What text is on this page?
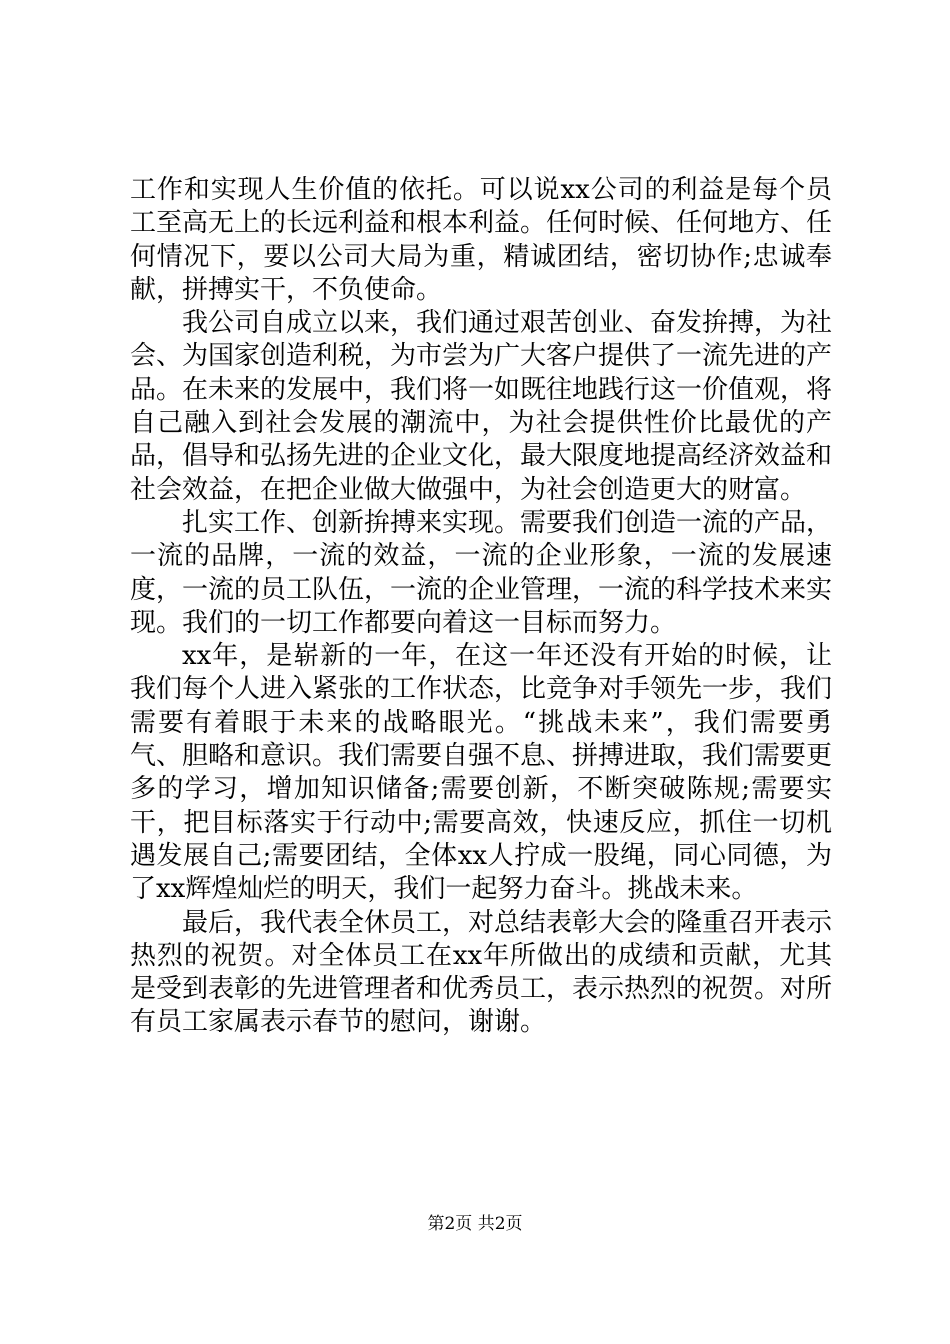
工作和实现人生价值的依托。可以说xx公司的利益是每个员工至高无上的长远利益和根本利益。任何时候、任何地方、任何情况下，要以公司大局为重，精诚团结，密切协作;忠诚奉献，拼搏实干，不负使命。

我公司自成立以来，我们通过艰苦创业、奋发拚搏，为社会、为国家创造利税，为市尝为广大客户提供了一流先进的产品。在未来的发展中，我们将一如既往地践行这一价值观，将自己融入到社会发展的潮流中，为社会提供性价比最优的产品，倡导和弘扬先进的企业文化，最大限度地提高经济效益和社会效益，在把企业做大做强中，为社会创造更大的财富。

扎实工作、创新拚搏来实现。需要我们创造一流的产品，一流的品牌，一流的效益，一流的企业形象，一流的发展速度，一流的员工队伍，一流的企业管理，一流的科学技术来实现。我们的一切工作都要向着这一目标而努力。

xx年，是崭新的一年，在这一年还没有开始的时候，让我们每个人进入紧张的工作状态，比竞争对手领先一步，我们需要有着眼于未来的战略眼光。“挑战未来”，我们需要勇气、胆略和意识。我们需要自强不息、拼搏进取，我们需要更多的学习，增加知识储备;需要创新，不断突破陈规;需要实干，把目标落实于行动中;需要高效，快速反应，抓住一切机遇发展自己;需要团结，全体xx人拧成一股绳，同心同德，为了xx辉煌灿烂的明天，我们一起努力奋斗。挑战未来。

最后，我代表全休员工，对总结表彰大会的隆重召开表示热烈的祝贺。对全体员工在xx年所做出的成绩和贡献，尤其是受到表彰的先进管理者和优秀员工，表示热烈的祝贺。对所有员工家属表示春节的慰问，谢谢。

第2页 共2页
